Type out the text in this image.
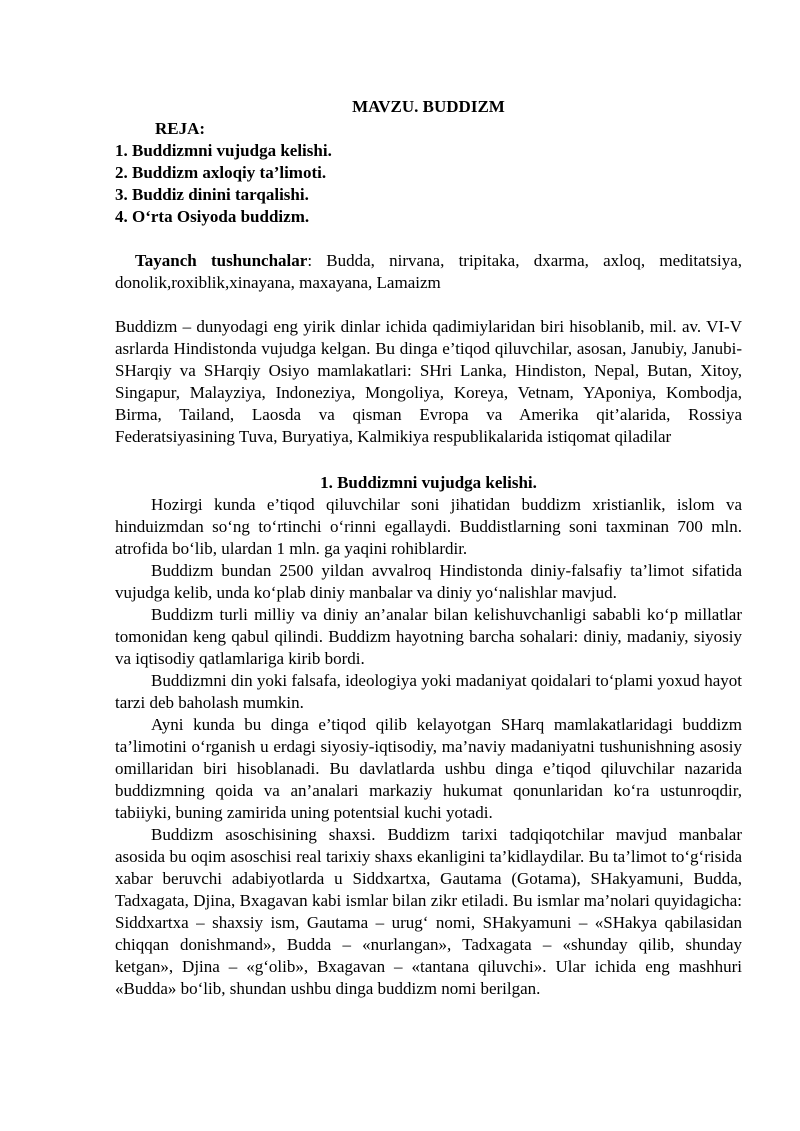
MAVZU. BUDDIZM

REJA:

1. Buddizmni vujudga kelishi.
2. Buddizm axloqiy ta’limoti.
3. Buddiz dinini tarqalishi.
4. O‘rta Osiyoda buddizm.

Tayanch tushunchalar: Budda, nirvana, tripitaka, dxarma, axloq, meditatsiya, donolik,roxiblik,xinayana, maxayana, Lamaizm

Buddizm – dunyodagi eng yirik dinlar ichida qadimiylaridan biri hisoblanib, mil. av. VI-V asrlarda Hindistonda vujudga kelgan. Bu dinga e’tiqod qiluvchilar, asosan, Janubiy, Janubi-SHarqiy va SHarqiy Osiyo mamlakatlari: SHri Lanka, Hindiston, Nepal, Butan, Xitoy, Singapur, Malayziya, Indoneziya, Mongoliya, Koreya, Vetnam, YAponiya, Kombodja, Birma, Tailand, Laosda va qisman Evropa va Amerika qit’alarida, Rossiya Federatsiyasining Tuva, Buryatiya, Kalmikiya respublikalarida istiqomat qiladilar

1. Buddizmni vujudga kelishi.

Hozirgi kunda e’tiqod qiluvchilar soni jihatidan buddizm xristianlik, islom va hinduizmdan so‘ng to‘rtinchi o‘rinni egallaydi. Buddistlarning soni taxminan 700 mln. atrofida bo‘lib, ulardan 1 mln. ga yaqini rohiblardir.

Buddizm bundan 2500 yildan avvalroq Hindistonda diniy-falsafiy ta’limot sifatida vujudga kelib, unda ko‘plab diniy manbalar va diniy yo‘nalishlar mavjud.

Buddizm turli milliy va diniy an’analar bilan kelishuvchanligi sababli ko‘p millatlar tomonidan keng qabul qilindi. Buddizm hayotning barcha sohalari: diniy, madaniy, siyosiy va iqtisodiy qatlamlariga kirib bordi.

Buddizmni din yoki falsafa, ideologiya yoki madaniyat qoidalari to‘plami yoxud hayot tarzi deb baholash mumkin.

Ayni kunda bu dinga e’tiqod qilib kelayotgan SHarq mamlakatlaridagi buddizm ta’limotini o‘rganish u erdagi siyosiy-iqtisodiy, ma’naviy madaniyatni tushunishning asosiy omillaridan biri hisoblanadi. Bu davlatlarda ushbu dinga e’tiqod qiluvchilar nazarida buddizmning qoida va an’analari markaziy hukumat qonunlaridan ko‘ra ustunroqdir, tabiiyki, buning zamirida uning potentsial kuchi yotadi.

Buddizm asoschisining shaxsi. Buddizm tarixi tadqiqotchilar mavjud manbalar asosida bu oqim asoschisi real tarixiy shaxs ekanligini ta’kidlaydilar. Bu ta’limot to‘g‘risida xabar beruvchi adabiyotlarda u Siddxartxa, Gautama (Gotama), SHakyamuni, Budda, Tadxagata, Djina, Bxagavan kabi ismlar bilan zikr etiladi. Bu ismlar ma’nolari quyidagicha: Siddxartxa – shaxsiy ism, Gautama – urug‘ nomi, SHakyamuni – «SHakya qabilasidan chiqqan donishmand», Budda – «nurlangan», Tadxagata – «shunday qilib, shunday ketgan», Djina – «g‘olib», Bxagavan – «tantana qiluvchi». Ular ichida eng mashhuri «Budda» bo‘lib, shundan ushbu dinga buddizm nomi berilgan.
